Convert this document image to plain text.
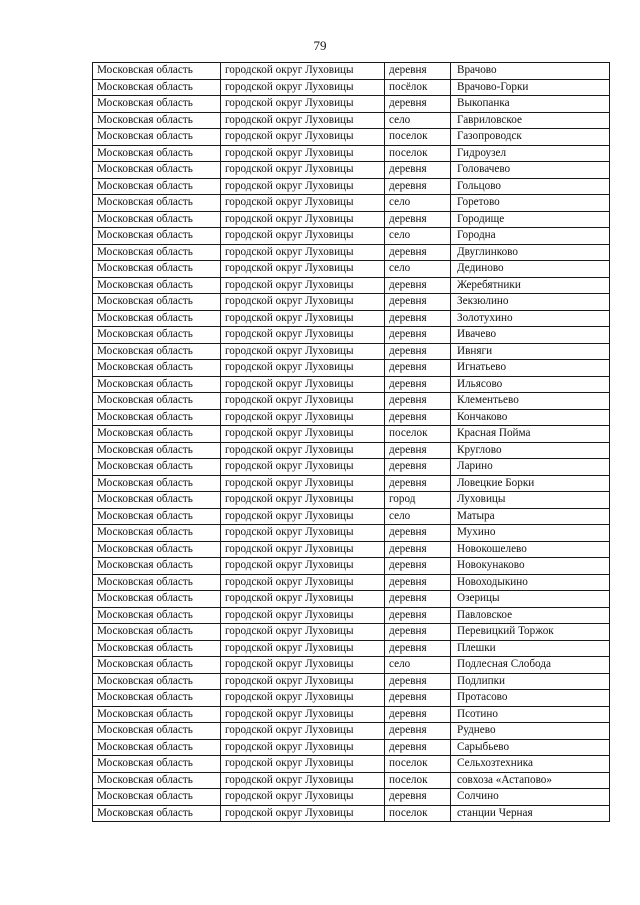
79
Московская область	городской округ Луховицы	деревня	Врачово
Московская область	городской округ Луховицы	посёлок	Врачово-Горки
Московская область	городской округ Луховицы	деревня	Выкопанка
Московская область	городской округ Луховицы	село	Гавриловское
Московская область	городской округ Луховицы	поселок	Газопроводск
Московская область	городской округ Луховицы	поселок	Гидроузел
Московская область	городской округ Луховицы	деревня	Головачево
Московская область	городской округ Луховицы	деревня	Гольцово
Московская область	городской округ Луховицы	село	Горетово
Московская область	городской округ Луховицы	деревня	Городище
Московская область	городской округ Луховицы	село	Городна
Московская область	городской округ Луховицы	деревня	Двуглинково
Московская область	городской округ Луховицы	село	Дединово
Московская область	городской округ Луховицы	деревня	Жеребятники
Московская область	городской округ Луховицы	деревня	Зекзюлино
Московская область	городской округ Луховицы	деревня	Золотухино
Московская область	городской округ Луховицы	деревня	Ивачево
Московская область	городской округ Луховицы	деревня	Ивняги
Московская область	городской округ Луховицы	деревня	Игнатьево
Московская область	городской округ Луховицы	деревня	Ильясово
Московская область	городской округ Луховицы	деревня	Клементьево
Московская область	городской округ Луховицы	деревня	Кончаково
Московская область	городской округ Луховицы	поселок	Красная Пойма
Московская область	городской округ Луховицы	деревня	Кругловo
Московская область	городской округ Луховицы	деревня	Ларино
Московская область	городской округ Луховицы	деревня	Ловецкие Борки
Московская область	городской округ Луховицы	город	Луховицы
Московская область	городской округ Луховицы	село	Матыра
Московская область	городской округ Луховицы	деревня	Мухино
Московская область	городской округ Луховицы	деревня	Новокошелево
Московская область	городской округ Луховицы	деревня	Новокунаково
Московская область	городской округ Луховицы	деревня	Новоходыкино
Московская область	городской округ Луховицы	деревня	Озерицы
Московская область	городской округ Луховицы	деревня	Павловское
Московская область	городской округ Луховицы	деревня	Перевицкий Торжок
Московская область	городской округ Луховицы	деревня	Плешки
Московская область	городской округ Луховицы	село	Подлесная Слобода
Московская область	городской округ Луховицы	деревня	Подлипки
Московская область	городской округ Луховицы	деревня	Протасово
Московская область	городской округ Луховицы	деревня	Псотино
Московская область	городской округ Луховицы	деревня	Руднево
Московская область	городской округ Луховицы	деревня	Сарыбьево
Московская область	городской округ Луховицы	поселок	Сельхозтехника
Московская область	городской округ Луховицы	поселок	совхоза «Астапово»
Московская область	городской округ Луховицы	деревня	Солчино
Московская область	городской округ Луховицы	поселок	станции Черная
